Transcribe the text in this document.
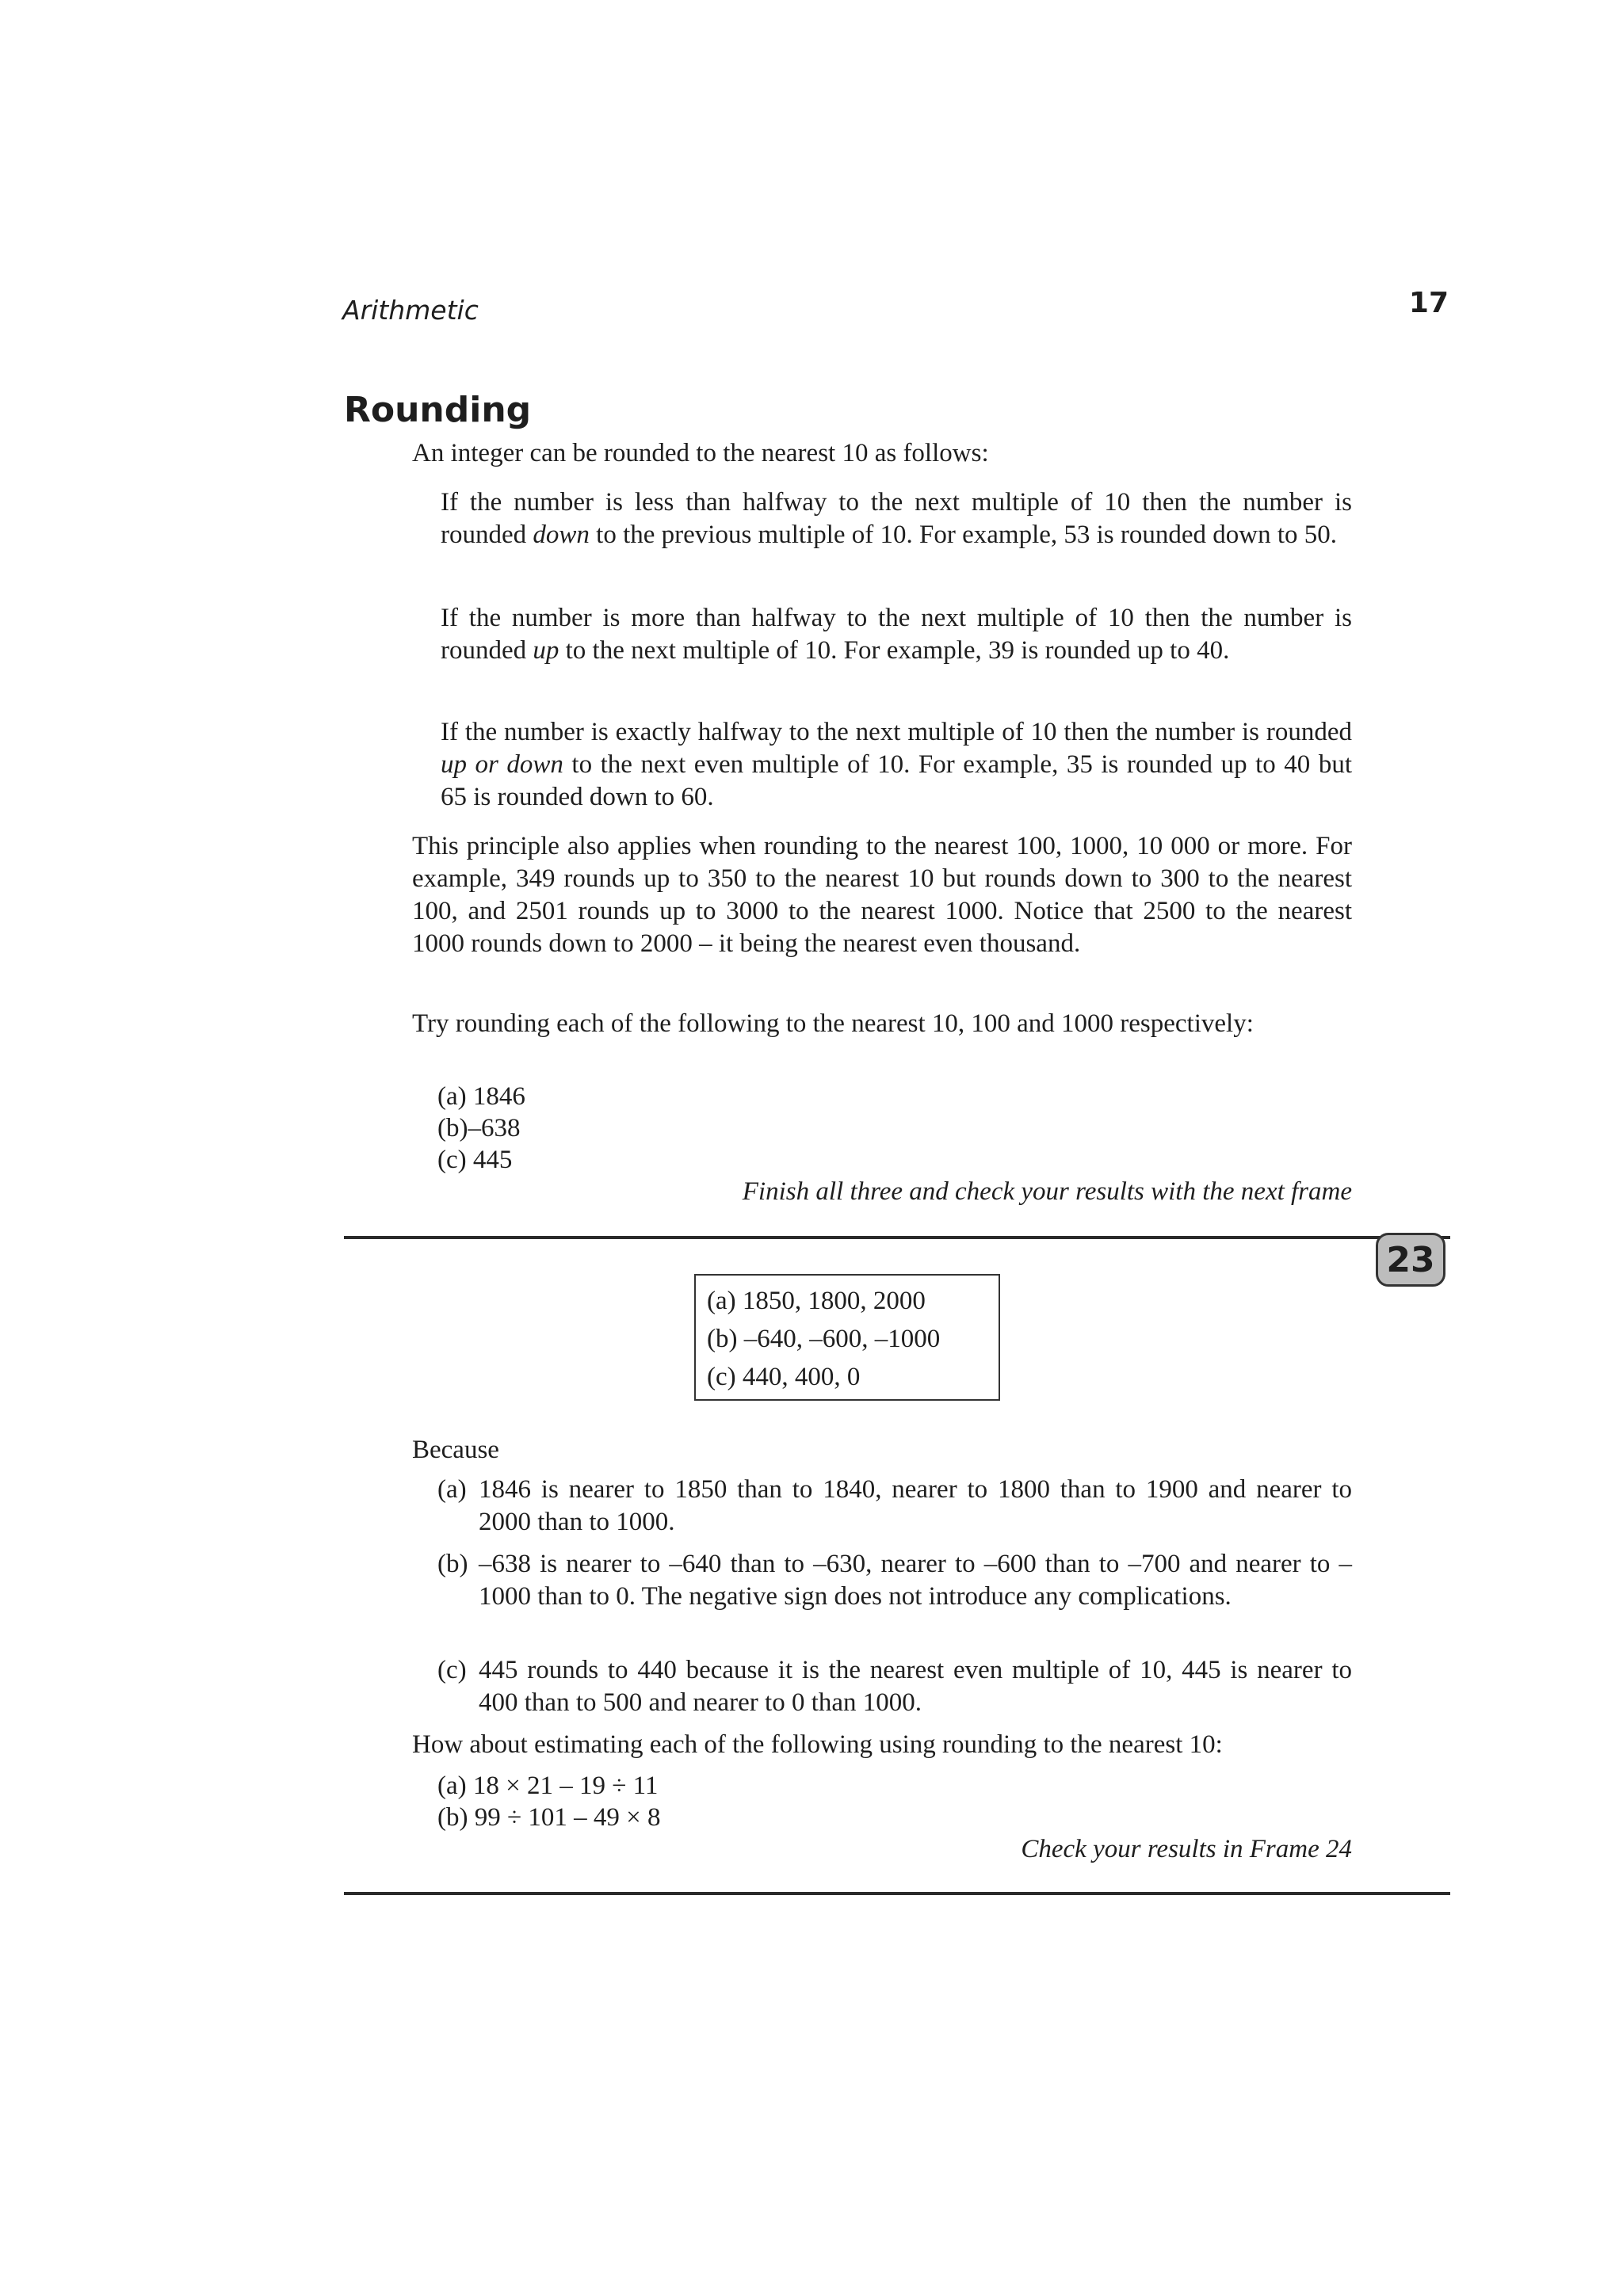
Arithmetic	17
Rounding

An integer can be rounded to the nearest 10 as follows:

If the number is less than halfway to the next multiple of 10 then the number is rounded down to the previous multiple of 10. For example, 53 is rounded down to 50.

If the number is more than halfway to the next multiple of 10 then the number is rounded up to the next multiple of 10. For example, 39 is rounded up to 40.

If the number is exactly halfway to the next multiple of 10 then the number is rounded up or down to the next even multiple of 10. For example, 35 is rounded up to 40 but 65 is rounded down to 60.

This principle also applies when rounding to the nearest 100, 1000, 10 000 or more. For example, 349 rounds up to 350 to the nearest 10 but rounds down to 300 to the nearest 100, and 2501 rounds up to 3000 to the nearest 1000. Notice that 2500 to the nearest 1000 rounds down to 2000 – it being the nearest even thousand.

Try rounding each of the following to the nearest 10, 100 and 1000 respectively:

(a) 1846
(b)–638
(c) 445
Finish all three and check your results with the next frame
23
(a) 1850, 1800, 2000
(b) –640, –600, –1000
(c) 440, 400, 0
Because
(a) 1846 is nearer to 1850 than to 1840, nearer to 1800 than to 1900 and nearer to 2000 than to 1000.

(b) –638 is nearer to –640 than to –630, nearer to –600 than to –700 and nearer to –1000 than to 0. The negative sign does not introduce any complications.

(c) 445 rounds to 440 because it is the nearest even multiple of 10, 445 is nearer to 400 than to 500 and nearer to 0 than 1000.

How about estimating each of the following using rounding to the nearest 10:
(a) 18 × 21 – 19 ÷ 11
(b) 99 ÷ 101 – 49 × 8
Check your results in Frame 24
